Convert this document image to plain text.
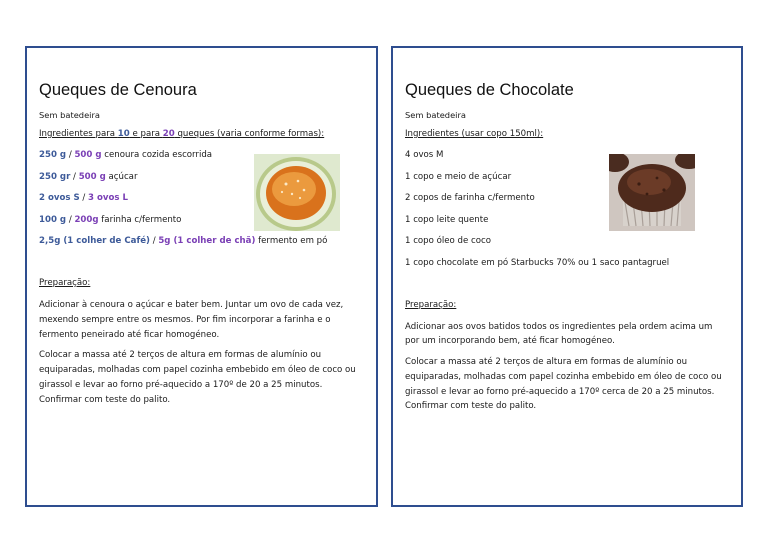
Queques de Cenoura
Sem batedeira
Ingredientes para 10 e para 20 queques (varia conforme formas):
250 g / 500 g cenoura cozida escorrida
250 gr / 500 g açúcar
2 ovos S / 3 ovos L
100 g / 200g farinha c/fermento
2,5g (1 colher de Café) / 5g (1 colher de chã) fermento em pó
Preparação:
Adicionar à cenoura o açúcar e bater bem. Juntar um ovo de cada vez, mexendo sempre entre os mesmos. Por fim incorporar a farinha e o fermento peneirado até ficar homogéneo.
Colocar a massa até 2 terços de altura em formas de alumínio ou equiparadas, molhadas com papel cozinha embebido em óleo de coco ou girassol e levar ao forno pré-aquecido a 170º de 20 a 25 minutos. Confirmar com teste do palito.
Queques de Chocolate
Sem batedeira
Ingredientes (usar copo 150ml):
4 ovos M
1 copo e meio de açúcar
2 copos de farinha c/fermento
1 copo leite quente
1 copo óleo de coco
1 copo chocolate em pó Starbucks 70% ou 1 saco pantagruel
Preparação:
Adicionar aos ovos batidos todos os ingredientes pela ordem acima um por um incorporando bem, até ficar homogéneo.
Colocar a massa até 2 terços de altura em formas de alumínio ou equiparadas, molhadas com papel cozinha embebido em óleo de coco ou girassol e levar ao forno pré-aquecido a 170º cerca de 20 a 25 minutos. Confirmar com teste do palito.
